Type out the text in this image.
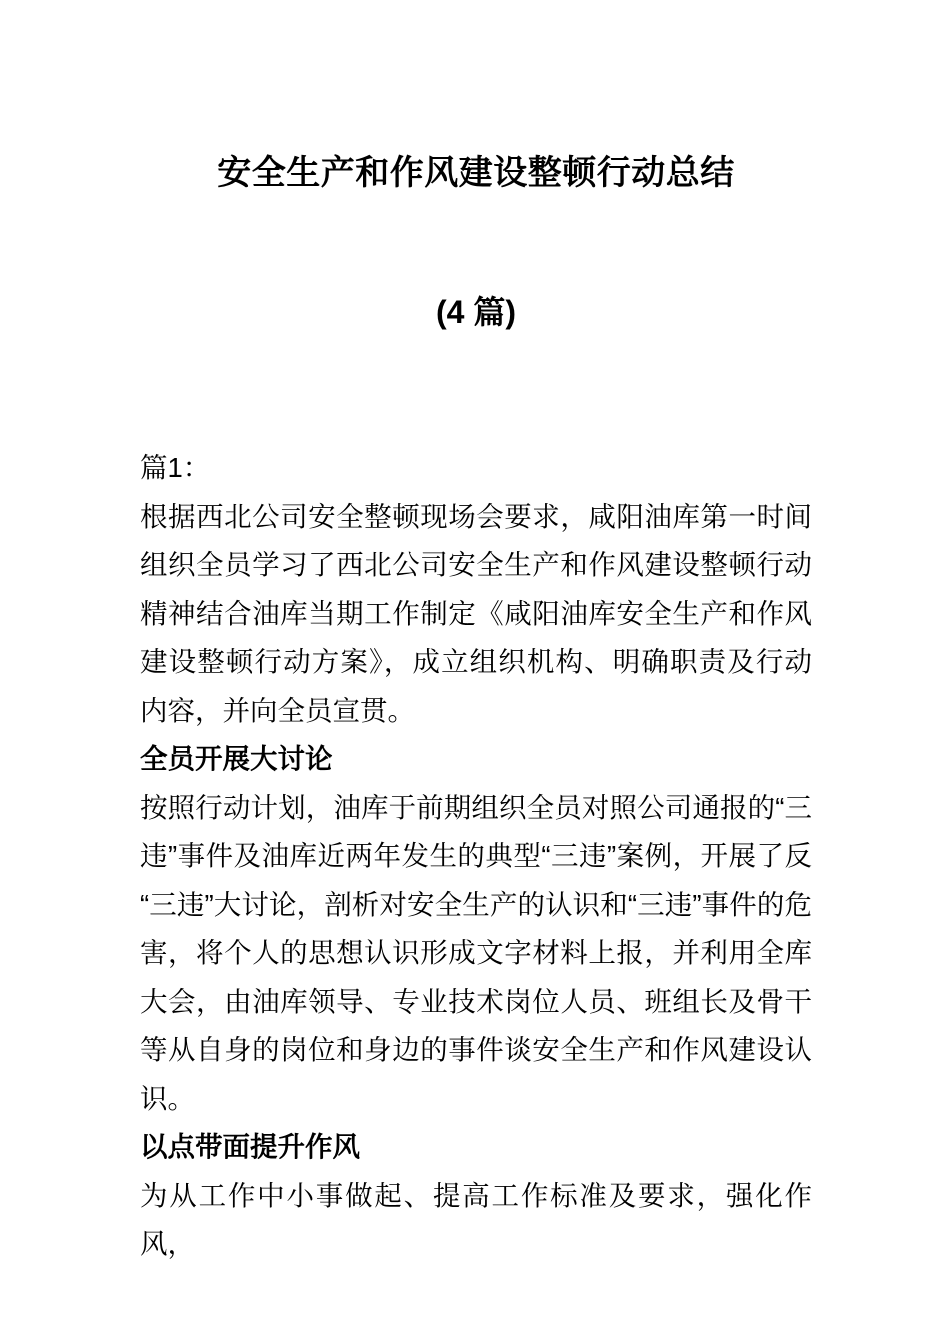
安全生产和作风建设整顿行动总结
(4 篇)

篇1：

根据西北公司安全整顿现场会要求，咸阳油库第一时间组织全员学习了西北公司安全生产和作风建设整顿行动精神结合油库当期工作制定《咸阳油库安全生产和作风建设整顿行动方案》，成立组织机构、明确职责及行动内容，并向全员宣贯。

全员开展大讨论

按照行动计划，油库于前期组织全员对照公司通报的“三违”事件及油库近两年发生的典型“三违”案例，开展了反“三违”大讨论，剖析对安全生产的认识和“三违”事件的危害，将个人的思想认识形成文字材料上报，并利用全库大会，由油库领导、专业技术岗位人员、班组长及骨干等从自身的岗位和身边的事件谈安全生产和作风建设认识。

以点带面提升作风

为从工作中小事做起、提高工作标准及要求，强化作风，
